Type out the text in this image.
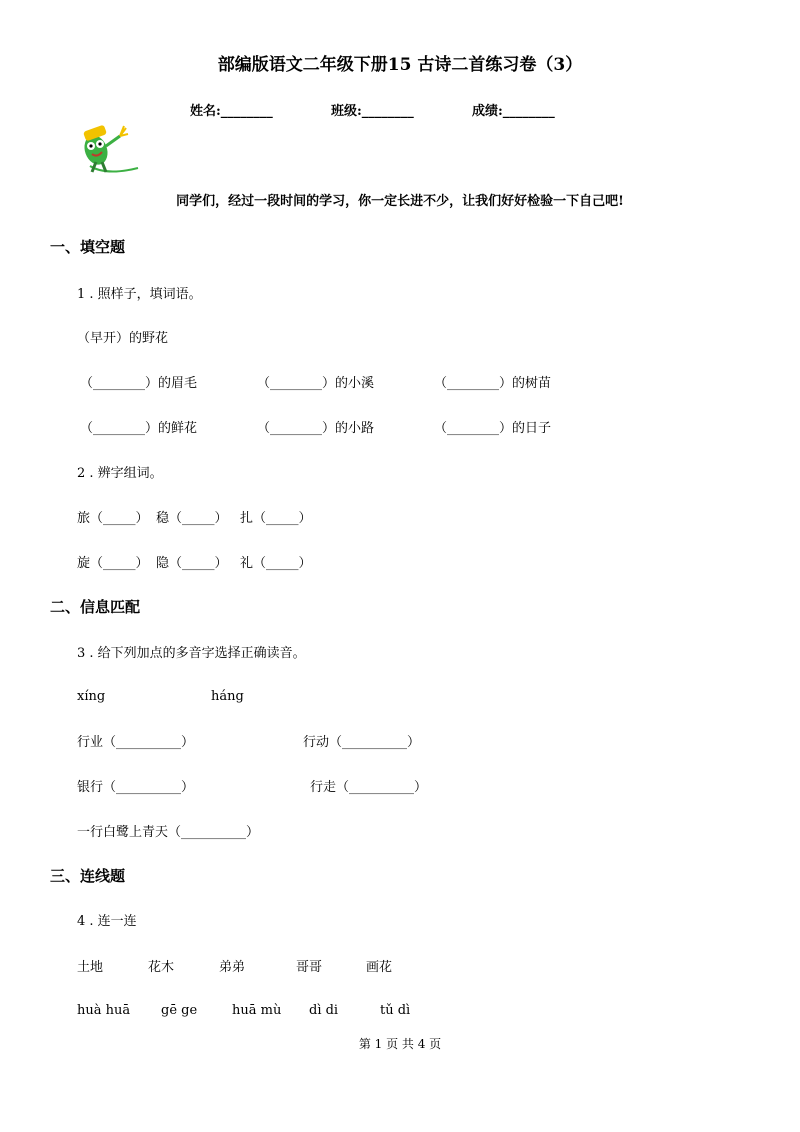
部编版语文二年级下册15 古诗二首练习卷（3）
姓名:________	班级:________	成绩:________
同学们，经过一段时间的学习，你一定长进不少，让我们好好检验一下自己吧!
一、填空题
1 . 照样子，填词语。
（早开）的野花
（________）的眉毛	（________）的小溪	（________）的树苗
（________）的鲜花	（________）的小路	（________）的日子
2 . 辨字组词。
旅（_____） 稳（_____） 扎（_____）
旋（_____） 隐（_____） 礼（_____）
二、信息匹配
3 . 给下列加点的多音字选择正确读音。
xíng	háng
行业（__________）	行动（__________）
银行（__________）	行走（__________）
一行白鹭上青天（__________）
三、连线题
4 . 连一连
土地	花木	弟弟	哥哥	画花
huà huā gē ge	huā mù dì di	tǔ dì
第 1 页 共 4 页
